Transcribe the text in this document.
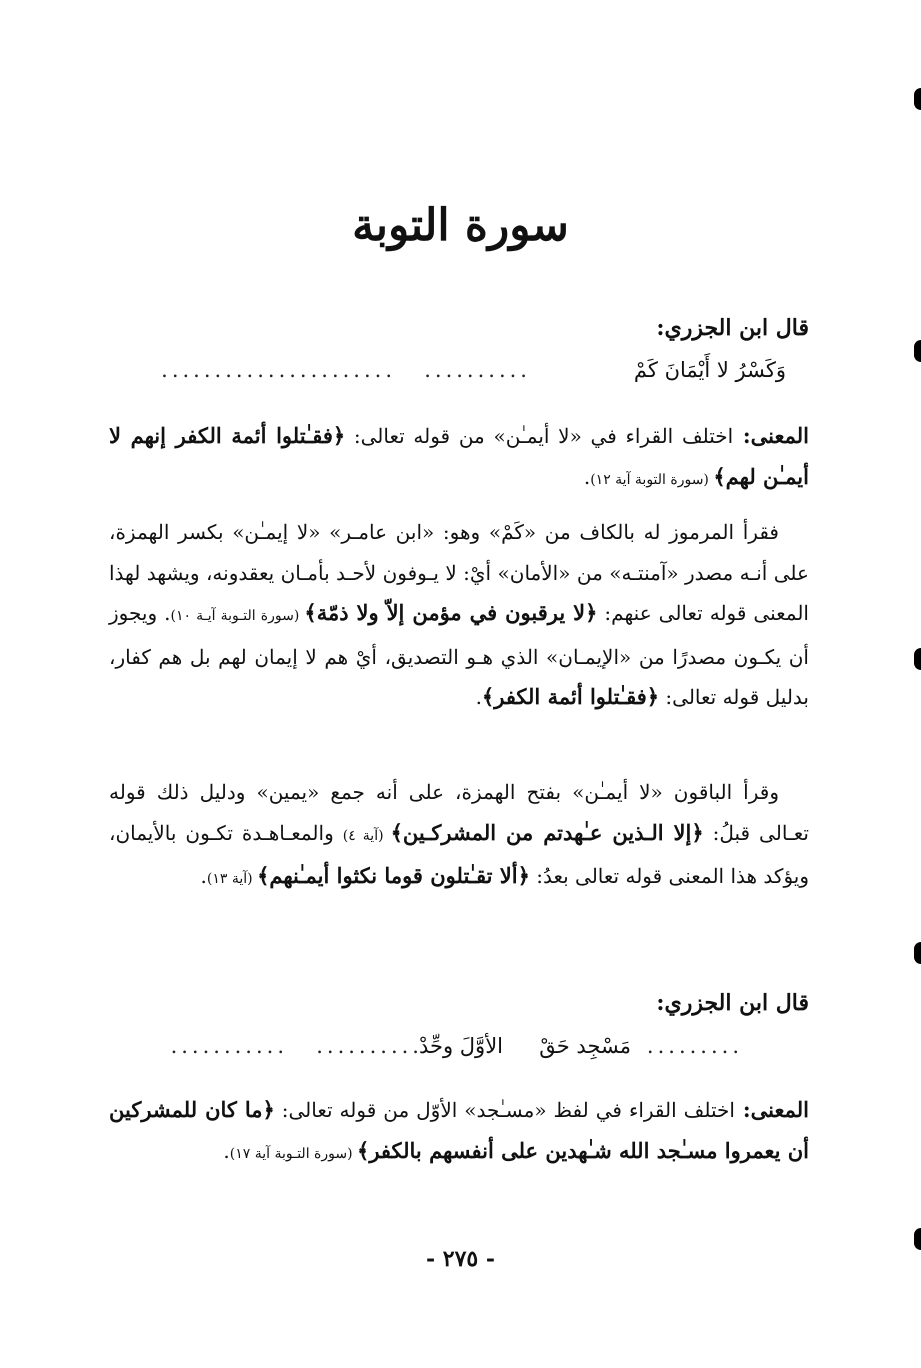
سورة التوبة
قال ابن الجزري:
وَكَسْرُ لا أَيْمَانَ كَمْ
..........
......................
المعنى: اختلف القراء في «لا أيمـٰن» من قوله تعالى: ﴿فقـٰتلوا أئمة الكفر إنهم لا أيمـٰن لهم﴾ (سورة التوبة آية ١٢).
فقرأ المرموز له بالكاف من «كَمْ» وهو: «ابن عامـر» «لا إيمـٰن» بكسر الهمزة، على أنـه مصدر «آمنتـه» من «الأمان» أيْ: لا يـوفون لأحـد بأمـان يعقدونه، ويشهد لهذا المعنى قوله تعالى عنهم: ﴿لا يرقبون في مؤمن إلاّ ولا ذمّة﴾ (سورة التـوبة آيـة ١٠). ويجوز أن يكـون مصدرًا من «الإيمـان» الذي هـو التصديق، أيْ هم لا إيمان لهم بل هم كفار، بدليل قوله تعالى: ﴿فقـٰتلوا أئمة الكفر﴾.
وقرأ الباقون «لا أيمـٰن» بفتح الهمزة، على أنه جمع «يمين» ودليل ذلك قوله تعـالى قبلُ: ﴿إلا الـذين عـٰهدتم من المشركـين﴾ (آية ٤) والمعـاهـدة تكـون بالأيمان، ويؤكد هذا المعنى قوله تعالى بعدُ: ﴿ألا تقـٰتلون قوما نكثوا أيمـٰنهم﴾ (آية ١٣).
قال ابن الجزري:
.........
مَسْجِد حَقْ
الأوَّلَ وحِّدْ
..........
...........
المعنى: اختلف القراء في لفظ «مسـٰجد» الأوّل من قوله تعالى: ﴿ما كان للمشركين أن يعمروا مسـٰجد الله شـٰهدين على أنفسهم بالكفر﴾ (سورة التـوبة آية ١٧).
- ٢٧٥ -
